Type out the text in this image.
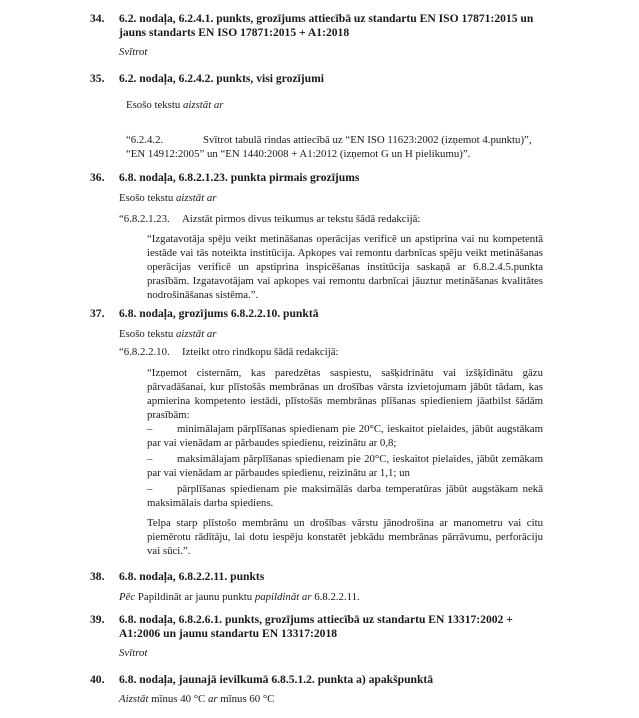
34. 6.2. nodaļa, 6.2.4.1. punkts, grozījums attiecībā uz standartu EN ISO 17871:2015 un jauns standarts EN ISO 17871:2015 + A1:2018
Svītrot
35. 6.2. nodaļa, 6.2.4.2. punkts, visi grozījumi
Esošo tekstu aizstāt ar
“6.2.4.2.	Svītrot tabulā rindas attiecībā uz “EN ISO 11623:2002 (izņemot 4.punktu)”,
“EN 14912:2005” un “EN 1440:2008 + A1:2012 (izņemot G un H pielikumu)”.
36. 6.8. nodaļa, 6.8.2.1.23. punkta pirmais grozījums
Esošo tekstu aizstāt ar
“6.8.2.1.23. Aizstāt pirmos divus teikumus ar tekstu šādā redakcijā:
“Izgatavotāja spēju veikt metināšanas operācijas verificē un apstiprina vai nu kompetentā iestāde vai tās noteikta institūcija. Apkopes vai remontu darbnīcas spēju veikt metināšanas operācijas verificē un apstiprina inspicēšanas institūcija saskaņā ar 6.8.2.4.5.punkta prasībām. Izgatavotājam vai apkopes vai remontu darbnīcai jāuztur metināšanas kvalitātes nodrošināšanas sistēma.”.
37. 6.8. nodaļa, grozījums 6.8.2.2.10. punktā
Esošo tekstu aizstāt ar
“6.8.2.2.10. Izteikt otro rindkopu šādā redakcijā:
“Izņemot cisternām, kas paredzētas saspiestu, sašķidrinātu vai izšķīdinātu gāzu pārvadāšanai, kur plīstošās membrānas un drošības vārsta izvietojumam jābūt tādam, kas apmierina kompetento iestādi, plīstošās membrānas plīšanas spiedieniem jāatbilst šādām prasībām:
–	minimālajam pārplīšanas spiedienam pie 20°C, ieskaitot pielaides, jābūt augstākam par vai vienādam ar pārbaudes spiedienu, reizinātu ar 0,8;
–	maksimālajam pārplīšanas spiedienam pie 20°C, ieskaitot pielaides, jābūt zemākam par vai vienādam ar pārbaudes spiedienu, reizinātu ar 1,1; un
–	pārplīšanas spiedienam pie maksimālās darba temperatūras jābūt augstākam nekā maksimālais darba spiediens.
Telpa starp plīstošo membrānu un drošības vārstu jānodrošina ar manometru vai citu piemērotu rādītāju, lai dotu iespēju konstatēt jebkādu membrānas pārrāvumu, perforāciju vai sūci.”.
38. 6.8. nodaļa, 6.8.2.2.11. punkts
Pēc Papildināt ar jaunu punktu papildināt ar 6.8.2.2.11.
39. 6.8. nodaļa, 6.8.2.6.1. punkts, grozījums attiecībā uz standartu EN 13317:2002 + A1:2006 un jaunu standartu EN 13317:2018
Svītrot
40. 6.8. nodaļa, jaunajā ievilkumā 6.8.5.1.2. punkta a) apakšpunktā
Aizstāt mīnus 40 °C ar mīnus 60 °C
